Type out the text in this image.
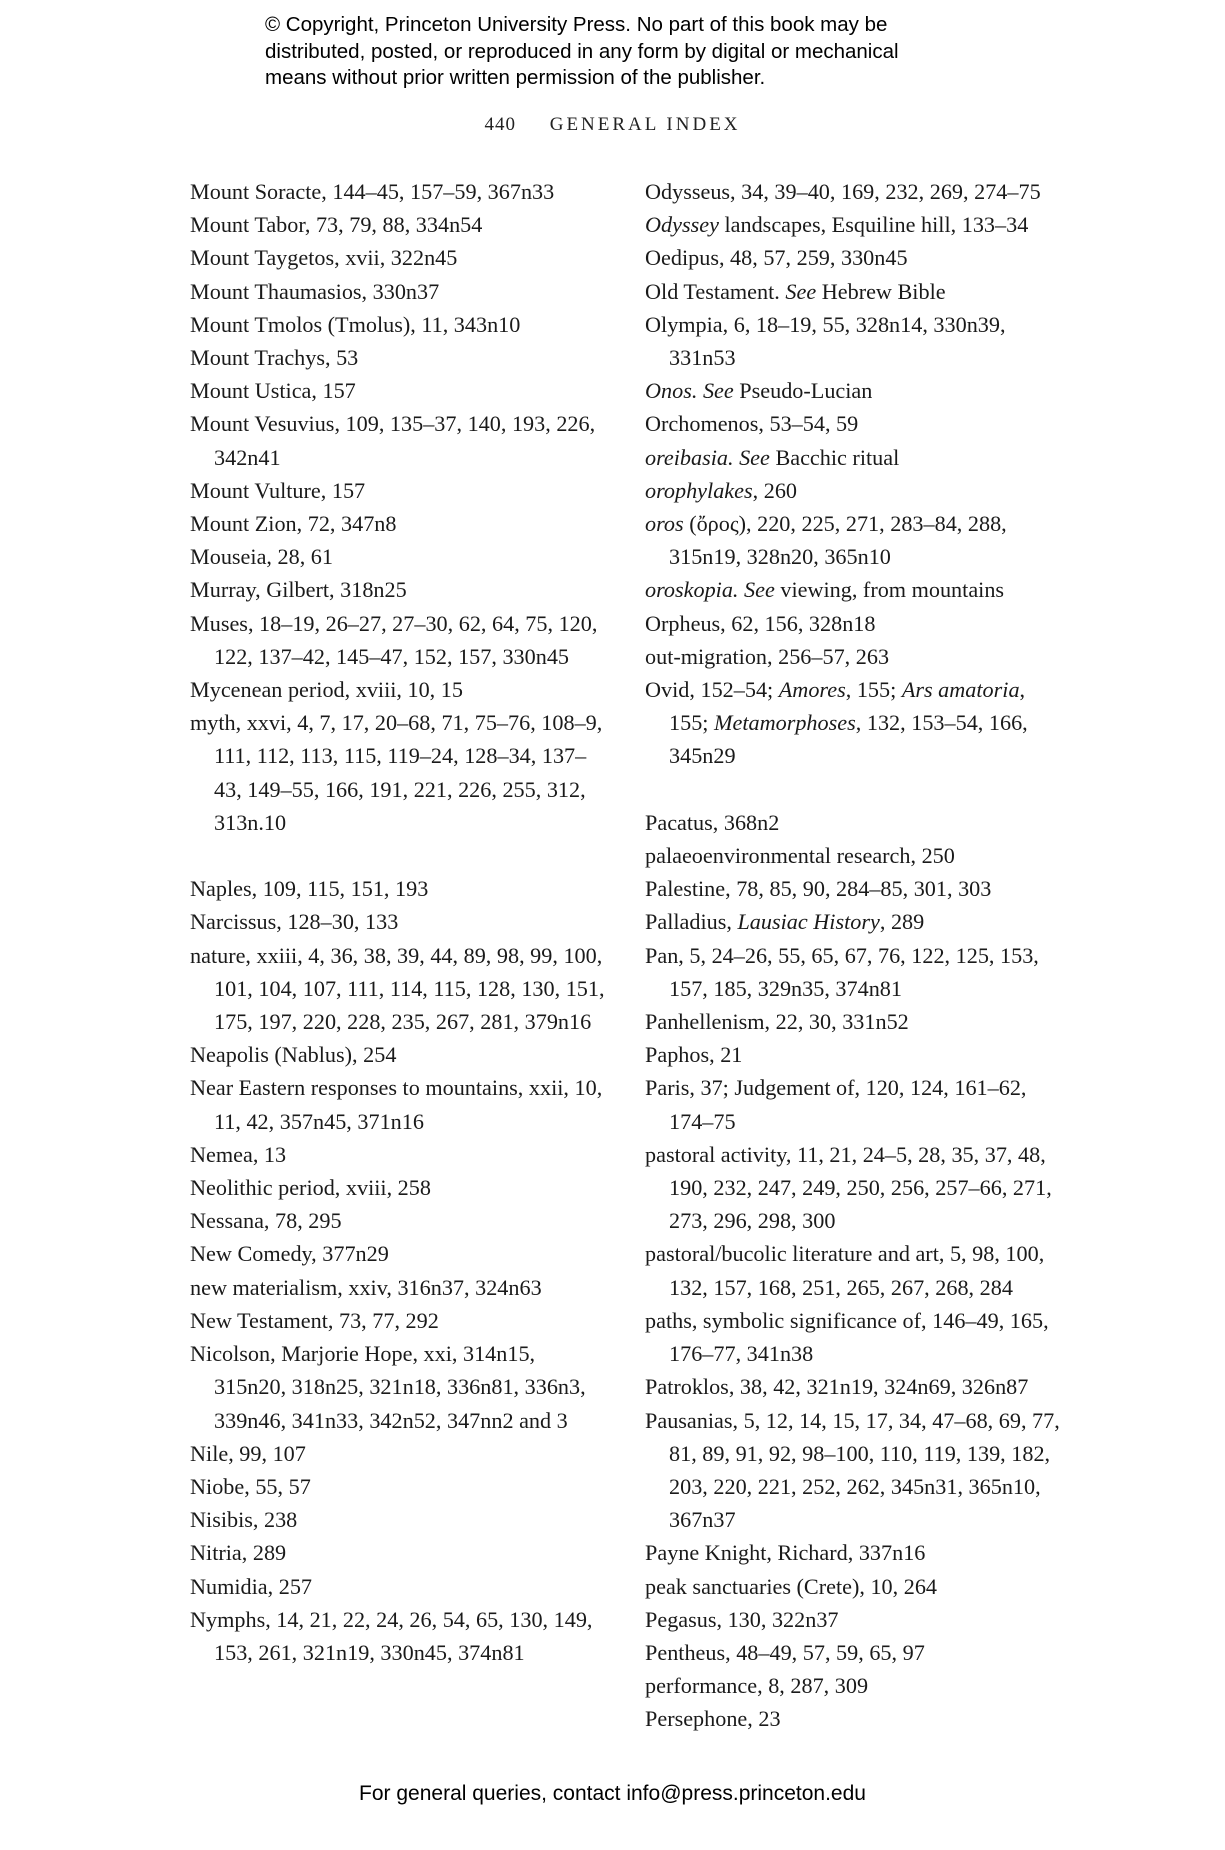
© Copyright, Princeton University Press. No part of this book may be
distributed, posted, or reproduced in any form by digital or mechanical
means without prior written permission of the publisher.
440 GENERAL INDEX
Mount Soracte, 144–45, 157–59, 367n33
Mount Tabor, 73, 79, 88, 334n54
Mount Taygetos, xvii, 322n45
Mount Thaumasios, 330n37
Mount Tmolos (Tmolus), 11, 343n10
Mount Trachys, 53
Mount Ustica, 157
Mount Vesuvius, 109, 135–37, 140, 193, 226, 342n41
Mount Vulture, 157
Mount Zion, 72, 347n8
Mouseia, 28, 61
Murray, Gilbert, 318n25
Muses, 18–19, 26–27, 27–30, 62, 64, 75, 120, 122, 137–42, 145–47, 152, 157, 330n45
Mycenean period, xviii, 10, 15
myth, xxvi, 4, 7, 17, 20–68, 71, 75–76, 108–9, 111, 112, 113, 115, 119–24, 128–34, 137–43, 149–55, 166, 191, 221, 226, 255, 312, 313n.10
Naples, 109, 115, 151, 193
Narcissus, 128–30, 133
nature, xxiii, 4, 36, 38, 39, 44, 89, 98, 99, 100, 101, 104, 107, 111, 114, 115, 128, 130, 151, 175, 197, 220, 228, 235, 267, 281, 379n16
Neapolis (Nablus), 254
Near Eastern responses to mountains, xxii, 10, 11, 42, 357n45, 371n16
Nemea, 13
Neolithic period, xviii, 258
Nessana, 78, 295
New Comedy, 377n29
new materialism, xxiv, 316n37, 324n63
New Testament, 73, 77, 292
Nicolson, Marjorie Hope, xxi, 314n15, 315n20, 318n25, 321n18, 336n81, 336n3, 339n46, 341n33, 342n52, 347nn2 and 3
Nile, 99, 107
Niobe, 55, 57
Nisibis, 238
Nitria, 289
Numidia, 257
Nymphs, 14, 21, 22, 24, 26, 54, 65, 130, 149, 153, 261, 321n19, 330n45, 374n81
Odysseus, 34, 39–40, 169, 232, 269, 274–75
Odyssey landscapes, Esquiline hill, 133–34
Oedipus, 48, 57, 259, 330n45
Old Testament. See Hebrew Bible
Olympia, 6, 18–19, 55, 328n14, 330n39, 331n53
Onos. See Pseudo-Lucian
Orchomenos, 53–54, 59
oreibasia. See Bacchic ritual
orophylakes, 260
oros (ὄρος), 220, 225, 271, 283–84, 288, 315n19, 328n20, 365n10
oroskopia. See viewing, from mountains
Orpheus, 62, 156, 328n18
out-migration, 256–57, 263
Ovid, 152–54; Amores, 155; Ars amatoria, 155; Metamorphoses, 132, 153–54, 166, 345n29
Pacatus, 368n2
palaeoenvironmental research, 250
Palestine, 78, 85, 90, 284–85, 301, 303
Palladius, Lausiac History, 289
Pan, 5, 24–26, 55, 65, 67, 76, 122, 125, 153, 157, 185, 329n35, 374n81
Panhellenism, 22, 30, 331n52
Paphos, 21
Paris, 37; Judgement of, 120, 124, 161–62, 174–75
pastoral activity, 11, 21, 24–5, 28, 35, 37, 48, 190, 232, 247, 249, 250, 256, 257–66, 271, 273, 296, 298, 300
pastoral/bucolic literature and art, 5, 98, 100, 132, 157, 168, 251, 265, 267, 268, 284
paths, symbolic significance of, 146–49, 165, 176–77, 341n38
Patroklos, 38, 42, 321n19, 324n69, 326n87
Pausanias, 5, 12, 14, 15, 17, 34, 47–68, 69, 77, 81, 89, 91, 92, 98–100, 110, 119, 139, 182, 203, 220, 221, 252, 262, 345n31, 365n10, 367n37
Payne Knight, Richard, 337n16
peak sanctuaries (Crete), 10, 264
Pegasus, 130, 322n37
Pentheus, 48–49, 57, 59, 65, 97
performance, 8, 287, 309
Persephone, 23
For general queries, contact info@press.princeton.edu
